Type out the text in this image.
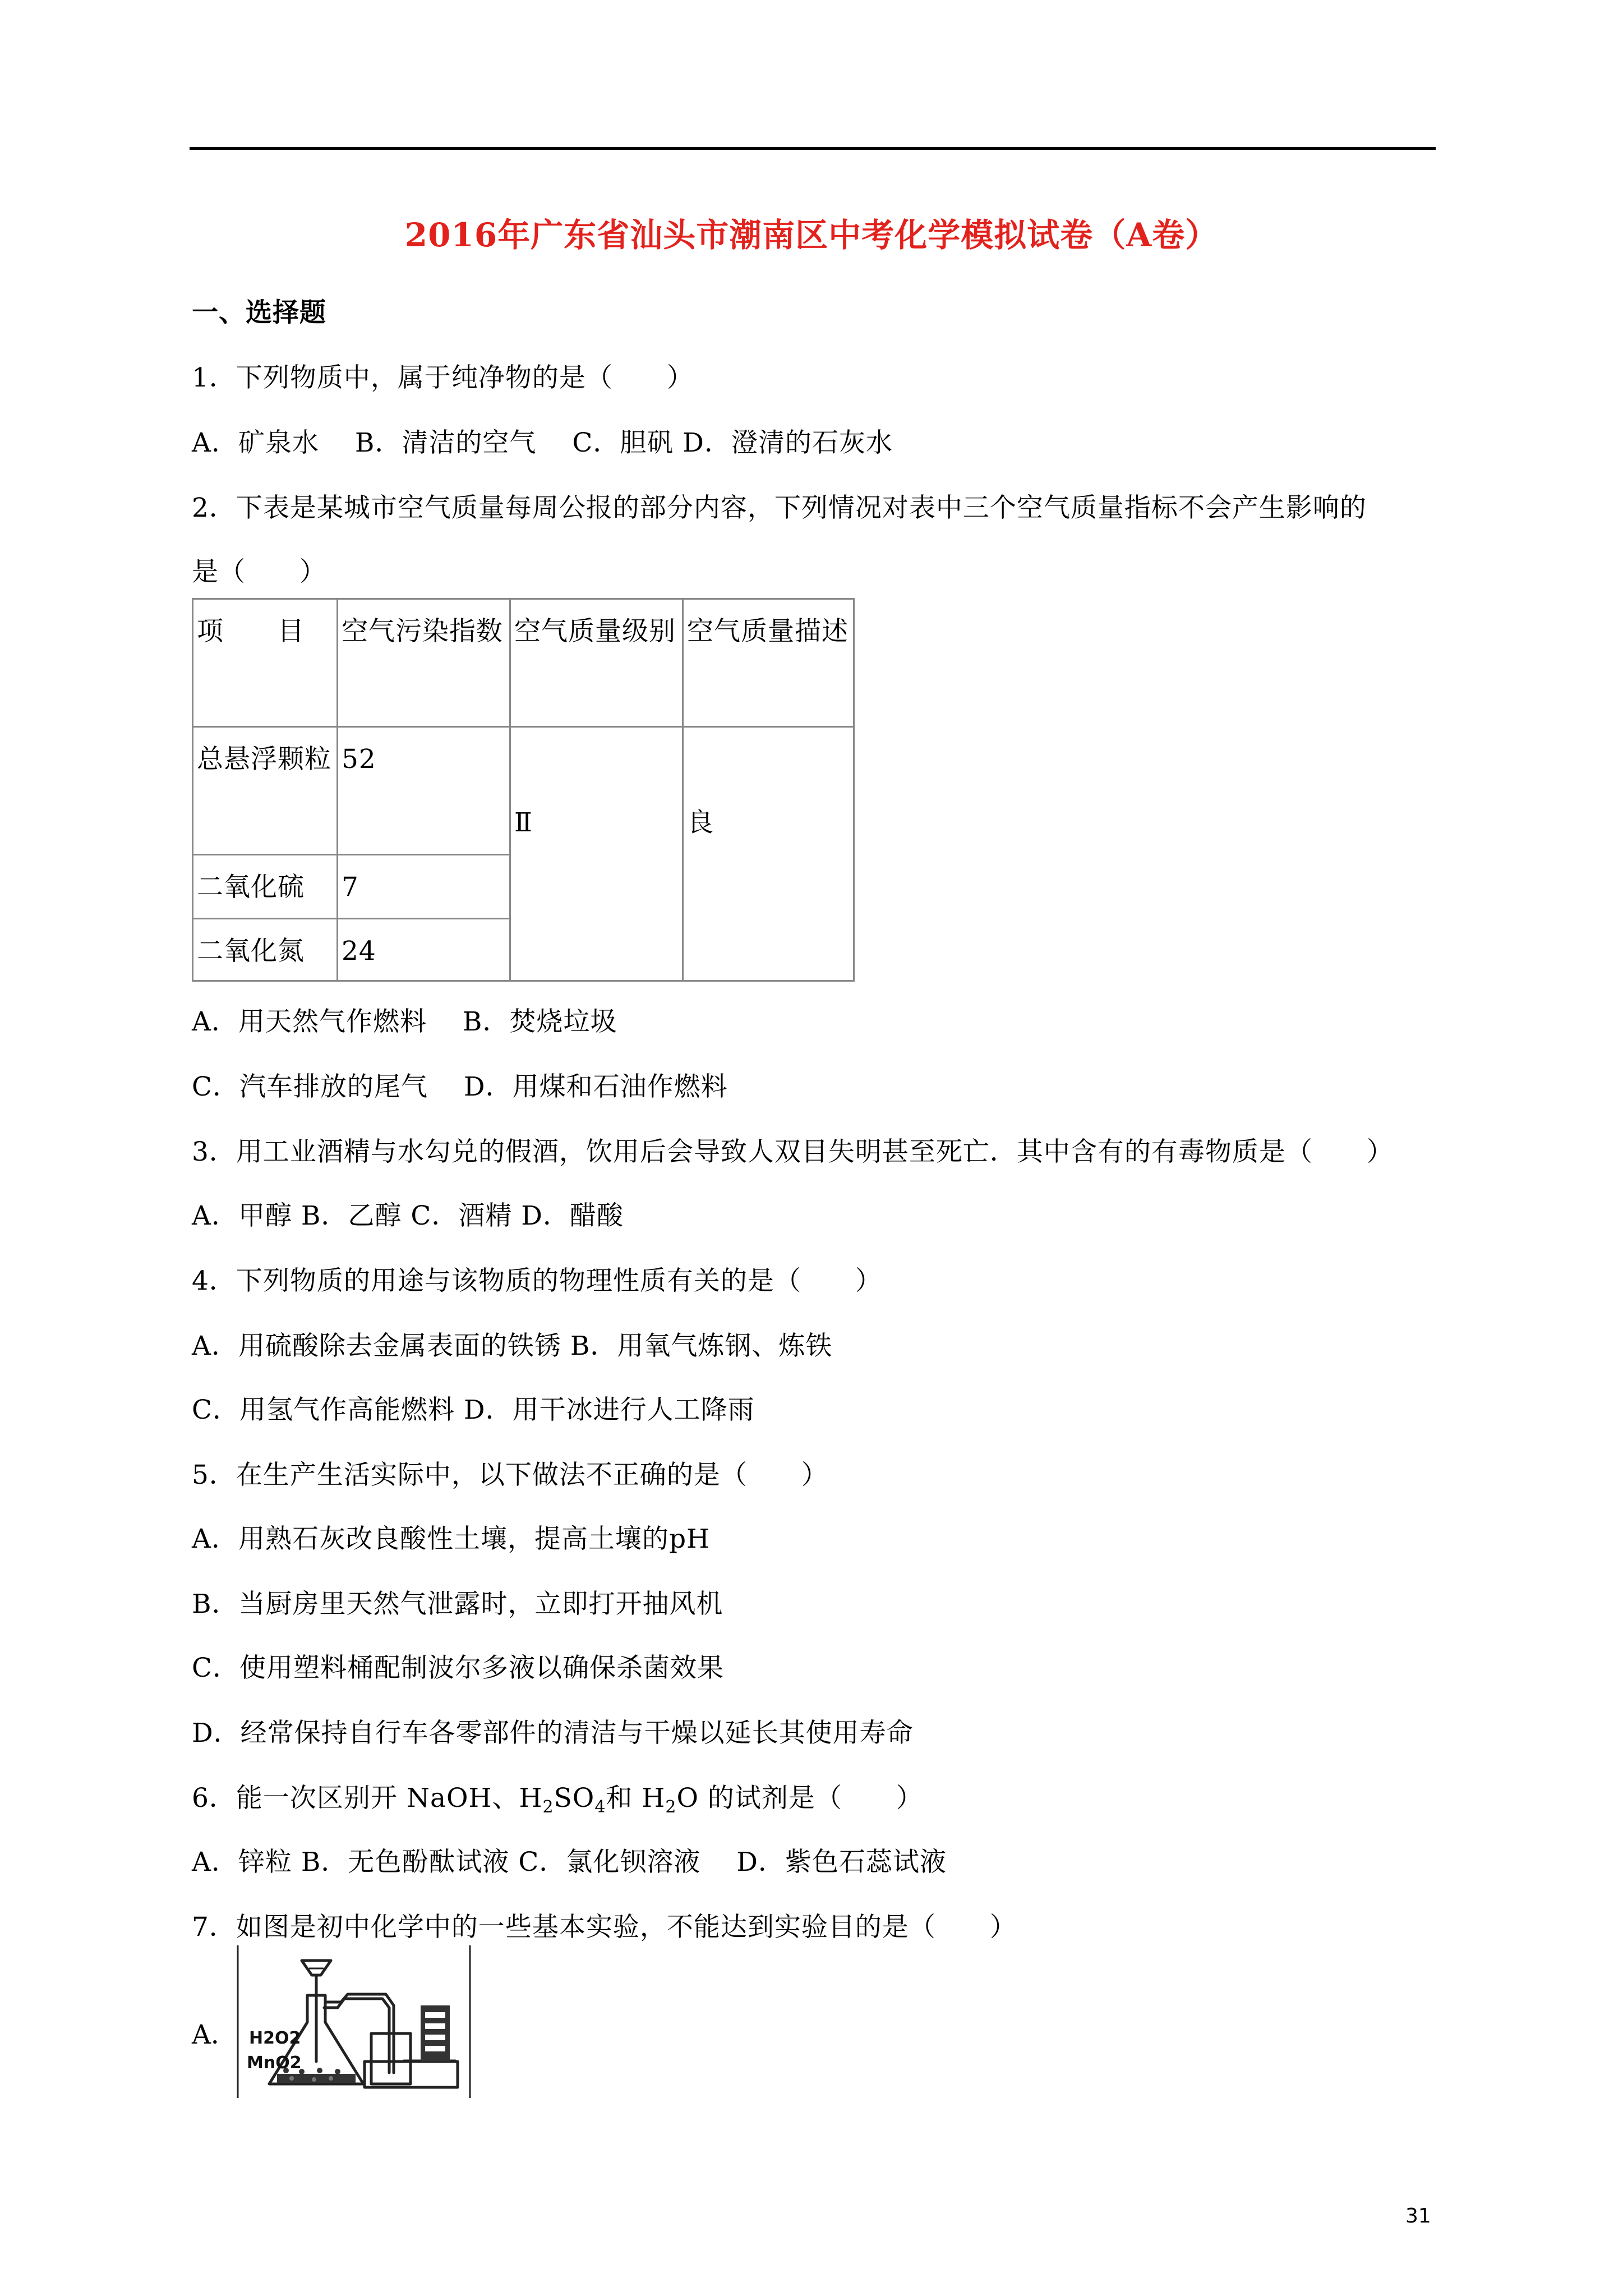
2016年广东省汕头市潮南区中考化学模拟试卷（A卷）
一、选择题
1．下列物质中，属于纯净物的是（　　）
A．矿泉水　 B．清洁的空气　 C．胆矾 D．澄清的石灰水
2．下表是某城市空气质量每周公报的部分内容，下列情况对表中三个空气质量指标不会产生影响的
是（　　）
项　　目	空气污染指数 空气质量级别 空气质量描述
总悬浮颗粒 52
二氧化硫	7
二氧化氮	24
Ⅱ	良
A．用天然气作燃料　 B．焚烧垃圾
C．汽车排放的尾气　 D．用煤和石油作燃料
3．用工业酒精与水勾兑的假酒，饮用后会导致人双目失明甚至死亡．其中含有的有毒物质是（　　）
A．甲醇 B．乙醇 C．酒精 D．醋酸
4．下列物质的用途与该物质的物理性质有关的是（　　）
A．用硫酸除去金属表面的铁锈 B．用氧气炼钢、炼铁
C．用氢气作高能燃料 D．用干冰进行人工降雨
5．在生产生活实际中，以下做法不正确的是（　　）
A．用熟石灰改良酸性土壤，提高土壤的pH
B．当厨房里天然气泄露时，立即打开抽风机
C．使用塑料桶配制波尔多液以确保杀菌效果
D．经常保持自行车各零部件的清洁与干燥以延长其使用寿命
6．能一次区别开 NaOH、$H_2SO_4$和 $H_2O$ 的试剂是（　　）
A．锌粒 B．无色酚酞试液 C．氯化钡溶液　 D．紫色石蕊试液
7．如图是初中化学中的一些基本实验，不能达到实验目的是（　　）
A． H2O2
MnO2
31
